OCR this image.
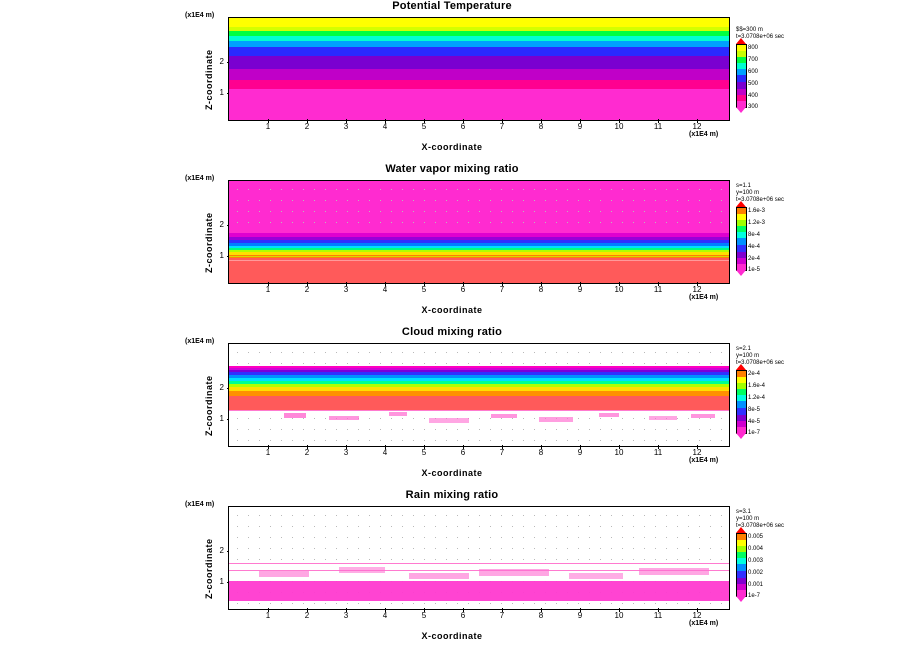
Potential Temperature
(x1E4 m)
Z-coordinate 2
1
1	2	3	4	5	6	7	8	9	10	11	12
(x1E4 m)
X-coordinate
$$=300 m
t=3.0708e+06 sec
800
700
600
500
400
300
Water vapor mixing ratio
(x1E4 m)
Z-coordinate 2
1
1	2	3	4	5	6	7	8	9	10	11	12
(x1E4 m)
X-coordinate
s=1.1
y=100 m
t=3.0708e+06 sec
1.6e-3
1.2e-3
8e-4
4e-4
2e-4
1e-5
Cloud mixing ratio
(x1E4 m)
Z-coordinate 2
1
1	2	3	4	5	6	7	8	9	10	11	12
(x1E4 m)
X-coordinate
s=2.1
y=100 m
t=3.0708e+06 sec
2e-4
1.6e-4
1.2e-4
8e-5
4e-5
1e-7
Rain mixing ratio
(x1E4 m)
Z-coordinate 2
1
1	2	3	4	5	6	7	8	9	10	11	12
(x1E4 m)
X-coordinate
s=3.1
y=100 m
t=3.0708e+06 sec
0.005
0.004
0.003
0.002
0.001
1e-7
